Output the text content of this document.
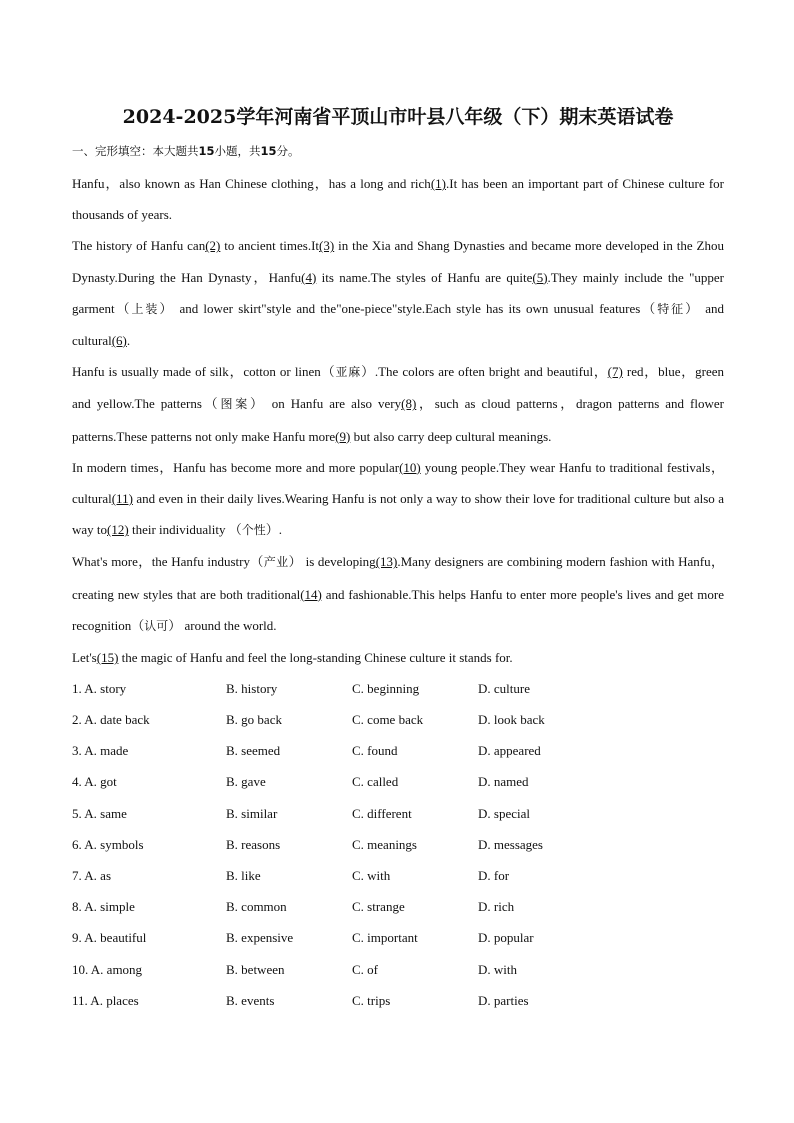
2024-2025学年河南省平顶山市叶县八年级（下）期末英语试卷
一、完形填空：本大题共15小题，共15分。

Hanfu，also known as Han Chinese clothing，has a long and rich(1).It has been an important part of Chinese culture for thousands of years.

The history of Hanfu can(2) to ancient times.It(3) in the Xia and Shang Dynasties and became more developed in the Zhou Dynasty.During the Han Dynasty，Hanfu(4) its name.The styles of Hanfu are quite(5).They mainly include the "upper garment（上装） and lower skirt"style and the"one-piece"style.Each style has its own unusual features（特征） and cultural(6).

Hanfu is usually made of silk，cotton or linen（亚麻）.The colors are often bright and beautiful，(7) red，blue，green and yellow.The patterns（图案） on Hanfu are also very(8)，such as cloud patterns，dragon patterns and flower patterns.These patterns not only make Hanfu more(9) but also carry deep cultural meanings.

In modern times，Hanfu has become more and more popular(10) young people.They wear Hanfu to traditional festivals，cultural(11) and even in their daily lives.Wearing Hanfu is not only a way to show their love for traditional culture but also a way to(12) their individuality （个性）.

What's more，the Hanfu industry（产业） is developing(13).Many designers are combining modern fashion with Hanfu，creating new styles that are both traditional(14) and fashionable.This helps Hanfu to enter more people's lives and get more recognition（认可） around the world.

Let's(15) the magic of Hanfu and feel the long-standing Chinese culture it stands for.

1. A. story	B. history	C. beginning	D. culture
2. A. date back	B. go back	C. come back	D. look back
3. A. made	B. seemed	C. found	D. appeared
4. A. got	B. gave	C. called	D. named
5. A. same	B. similar	C. different	D. special
6. A. symbols	B. reasons	C. meanings	D. messages
7. A. as	B. like	C. with	D. for
8. A. simple	B. common	C. strange	D. rich
9. A. beautiful	B. expensive	C. important	D. popular
10. A. among	B. between	C. of	D. with
11. A. places	B. events	C. trips	D. parties
